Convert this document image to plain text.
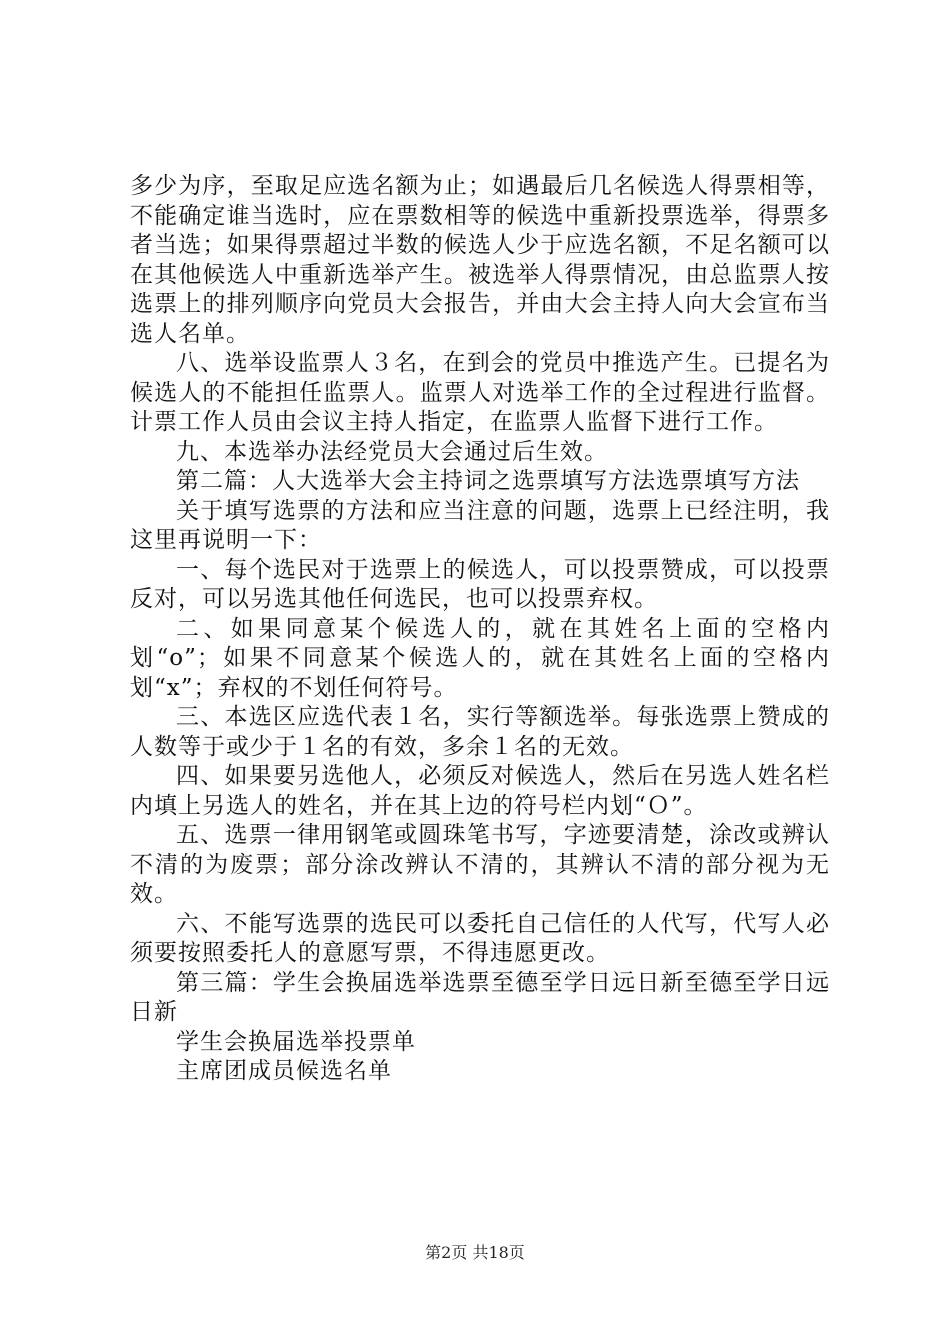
多少为序，至取足应选名额为止；如遇最后几名候选人得票相等，不能确定谁当选时，应在票数相等的候选中重新投票选举，得票多者当选；如果得票超过半数的候选人少于应选名额，不足名额可以在其他候选人中重新选举产生。被选举人得票情况，由总监票人按选票上的排列顺序向党员大会报告，并由大会主持人向大会宣布当选人名单。

八、选举设监票人３名，在到会的党员中推选产生。已提名为候选人的不能担任监票人。监票人对选举工作的全过程进行监督。计票工作人员由会议主持人指定，在监票人监督下进行工作。

九、本选举办法经党员大会通过后生效。

第二篇：人大选举大会主持词之选票填写方法选票填写方法

关于填写选票的方法和应当注意的问题，选票上已经注明，我这里再说明一下：

一、每个选民对于选票上的候选人，可以投票赞成，可以投票反对，可以另选其他任何选民，也可以投票弃权。

二、如果同意某个候选人的，就在其姓名上面的空格内划“o”；如果不同意某个候选人的，就在其姓名上面的空格内划“x”；弃权的不划任何符号。

三、本选区应选代表１名，实行等额选举。每张选票上赞成的人数等于或少于１名的有效，多余１名的无效。

四、如果要另选他人，必须反对候选人，然后在另选人姓名栏内填上另选人的姓名，并在其上边的符号栏内划“Ｏ”。

五、选票一律用钢笔或圆珠笔书写，字迹要清楚，涂改或辨认不清的为废票；部分涂改辨认不清的，其辨认不清的部分视为无效。

六、不能写选票的选民可以委托自己信任的人代写，代写人必须要按照委托人的意愿写票，不得违愿更改。

第三篇：学生会换届选举选票至德至学日远日新至德至学日远日新

学生会换届选举投票单

主席团成员候选名单

第2页 共18页
